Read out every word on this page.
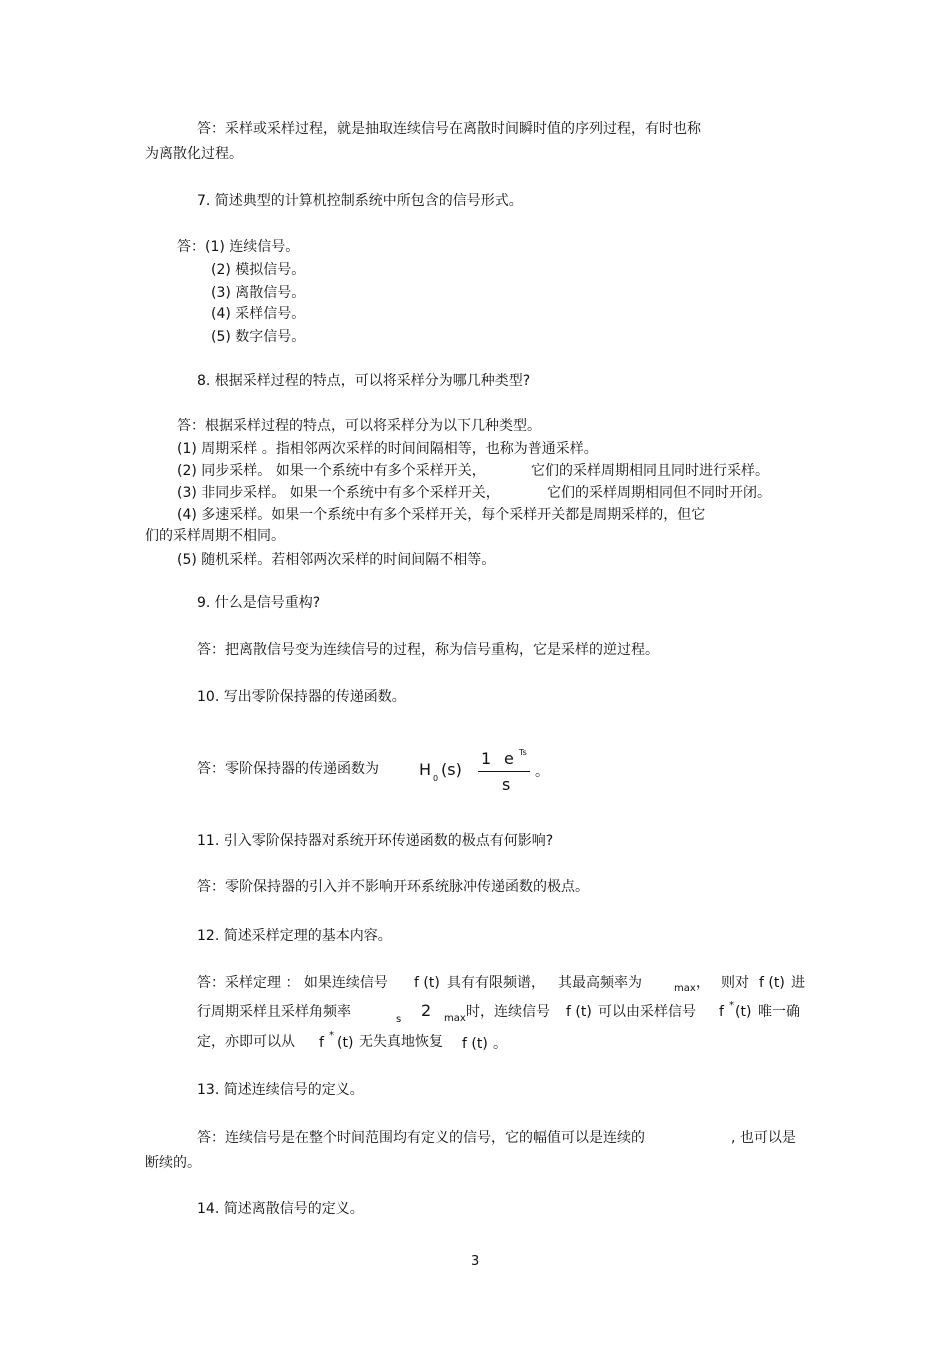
答：采样或采样过程，就是抽取连续信号在离散时间瞬时值的序列过程，有时也称
为离散化过程。
7. 简述典型的计算机控制系统中所包含的信号形式。
答：(1) 连续信号。
(2) 模拟信号。
(3) 离散信号。
(4) 采样信号。
(5) 数字信号。
8. 根据采样过程的特点，可以将采样分为哪几种类型?
答：根据采样过程的特点，可以将采样分为以下几种类型。
(1) 周期采样 。指相邻两次采样的时间间隔相等，也称为普通采样。
(2) 同步采样。 如果一个系统中有多个采样开关，	它们的采样周期相同且同时进行采样。
(3) 非同步采样。 如果一个系统中有多个采样开关，	它们的采样周期相同但不同时开闭。
(4) 多速采样。如果一个系统中有多个采样开关，每个采样开关都是周期采样的，但它
们的采样周期不相同。
(5) 随机采样。若相邻两次采样的时间间隔不相等。
9. 什么是信号重构?
答：把离散信号变为连续信号的过程，称为信号重构，它是采样的逆过程。
10. 写出零阶保持器的传递函数。
答：零阶保持器的传递函数为	H 0 (s)
1 e Ts
s
。
11. 引入零阶保持器对系统开环传递函数的极点有何影响?
答：零阶保持器的引入并不影响开环系统脉冲传递函数的极点。
12. 简述采样定理的基本内容。
答：采样定理 ： 如果连续信号 f (t) 具有有限频谱， 其最高频率为	max ， 则对 f (t) 进
行周期采样且采样角频率	s 2 max 时，连续信号 f (t) 可以由采样信号 f * (t) 唯一确
定，亦即可以从 f * (t) 无失真地恢复 f (t) 。
13. 简述连续信号的定义。
答：连续信号是在整个时间范围均有定义的信号，它的幅值可以是连续的	, 也可以是
断续的。
14. 简述离散信号的定义。
3
